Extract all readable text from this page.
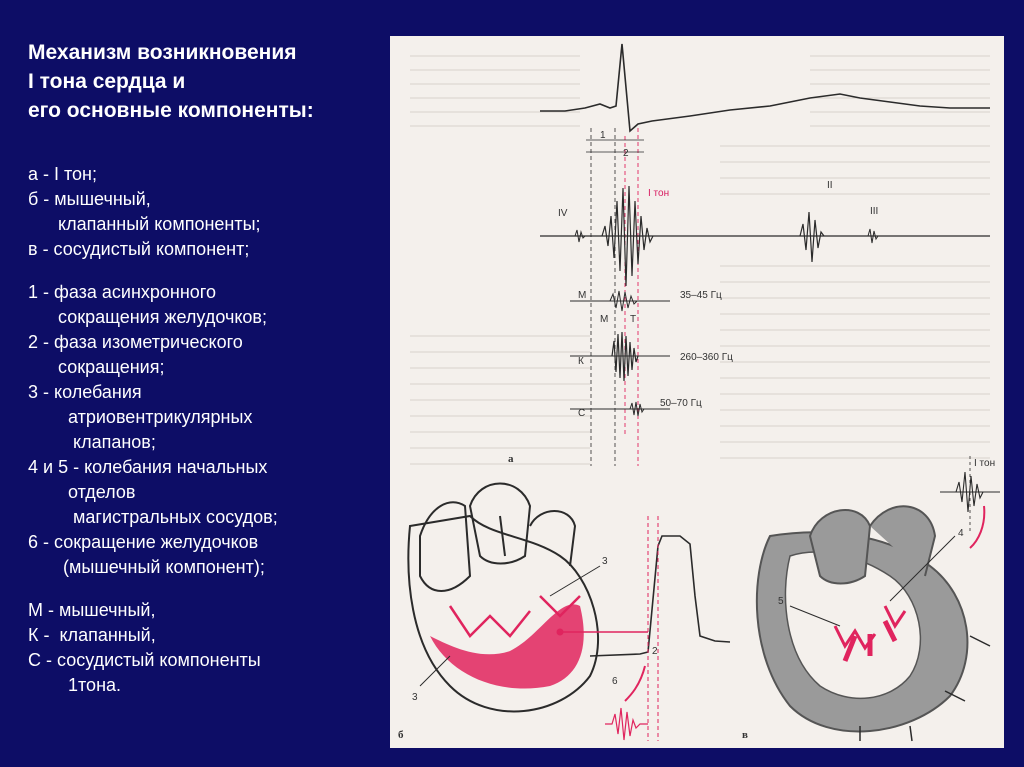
Механизм возникновения
I тона сердца и
его основные компоненты:
а - I тон;
б - мышечный,
клапанный компоненты;
в - сосудистый компонент;
1 - фаза асинхронного
сокращения желудочков;
2 - фаза изометрического
сокращения;
3 - колебания
атриовентрикулярных
клапанов;
4 и 5 - колебания начальных
отделов
магистральных сосудов;
6 - сокращение желудочков
(мышечный компонент);
М - мышечный,
К -  клапанный,
С - сосудистый компоненты
1тона.
1
2
I тон
II
III
IV
М	35–45 Гц
М Т
К	260–360 Гц
С
50–70 Гц
а
3
3
б
2
6
5
4
в
I тон
